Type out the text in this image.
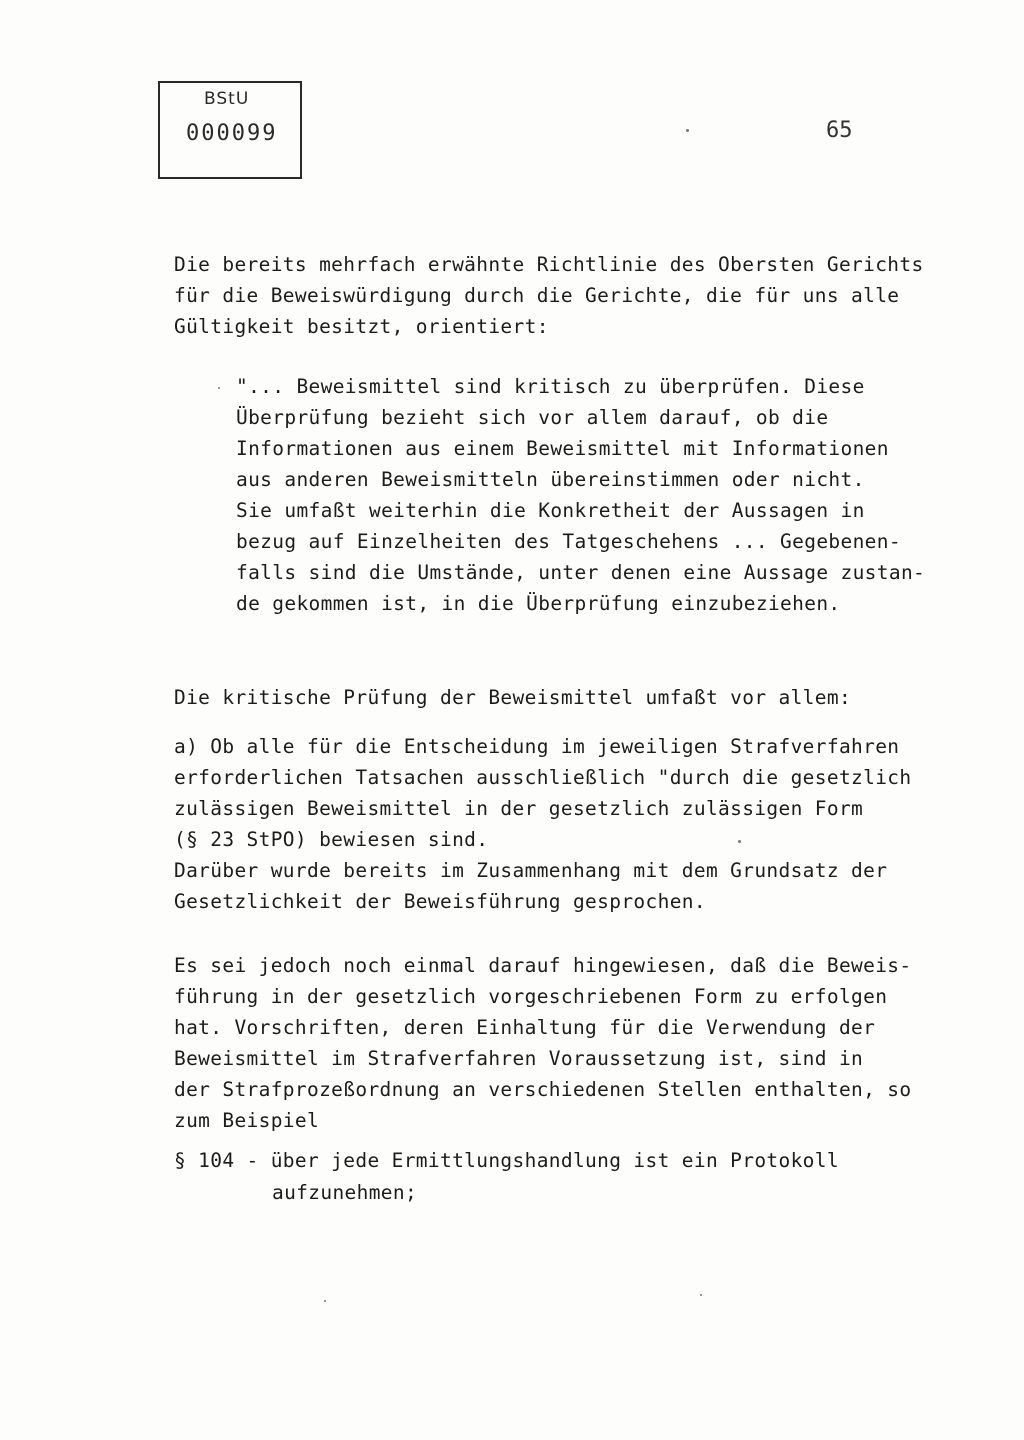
BStU
000099	65
Die bereits mehrfach erwähnte Richtlinie des Obersten Gerichts
für die Beweiswürdigung durch die Gerichte, die für uns alle
Gültigkeit besitzt, orientiert:
"... Beweismittel sind kritisch zu überprüfen. Diese
Überprüfung bezieht sich vor allem darauf, ob die
Informationen aus einem Beweismittel mit Informationen
aus anderen Beweismitteln übereinstimmen oder nicht.
Sie umfaßt weiterhin die Konkretheit der Aussagen in
bezug auf Einzelheiten des Tatgeschehens ... Gegebenen-
falls sind die Umstände, unter denen eine Aussage zustan-
de gekommen ist, in die Überprüfung einzubeziehen.
Die kritische Prüfung der Beweismittel umfaßt vor allem:
a) Ob alle für die Entscheidung im jeweiligen Strafverfahren
erforderlichen Tatsachen ausschließlich "durch die gesetzlich
zulässigen Beweismittel in der gesetzlich zulässigen Form
(§ 23 StPO) bewiesen sind.
Darüber wurde bereits im Zusammenhang mit dem Grundsatz der
Gesetzlichkeit der Beweisführung gesprochen.
Es sei jedoch noch einmal darauf hingewiesen, daß die Beweis-
führung in der gesetzlich vorgeschriebenen Form zu erfolgen
hat. Vorschriften, deren Einhaltung für die Verwendung der
Beweismittel im Strafverfahren Voraussetzung ist, sind in
der Strafprozeßordnung an verschiedenen Stellen enthalten, so
zum Beispiel
§ 104 - über jede Ermittlungshandlung ist ein Protokoll
aufzunehmen;
